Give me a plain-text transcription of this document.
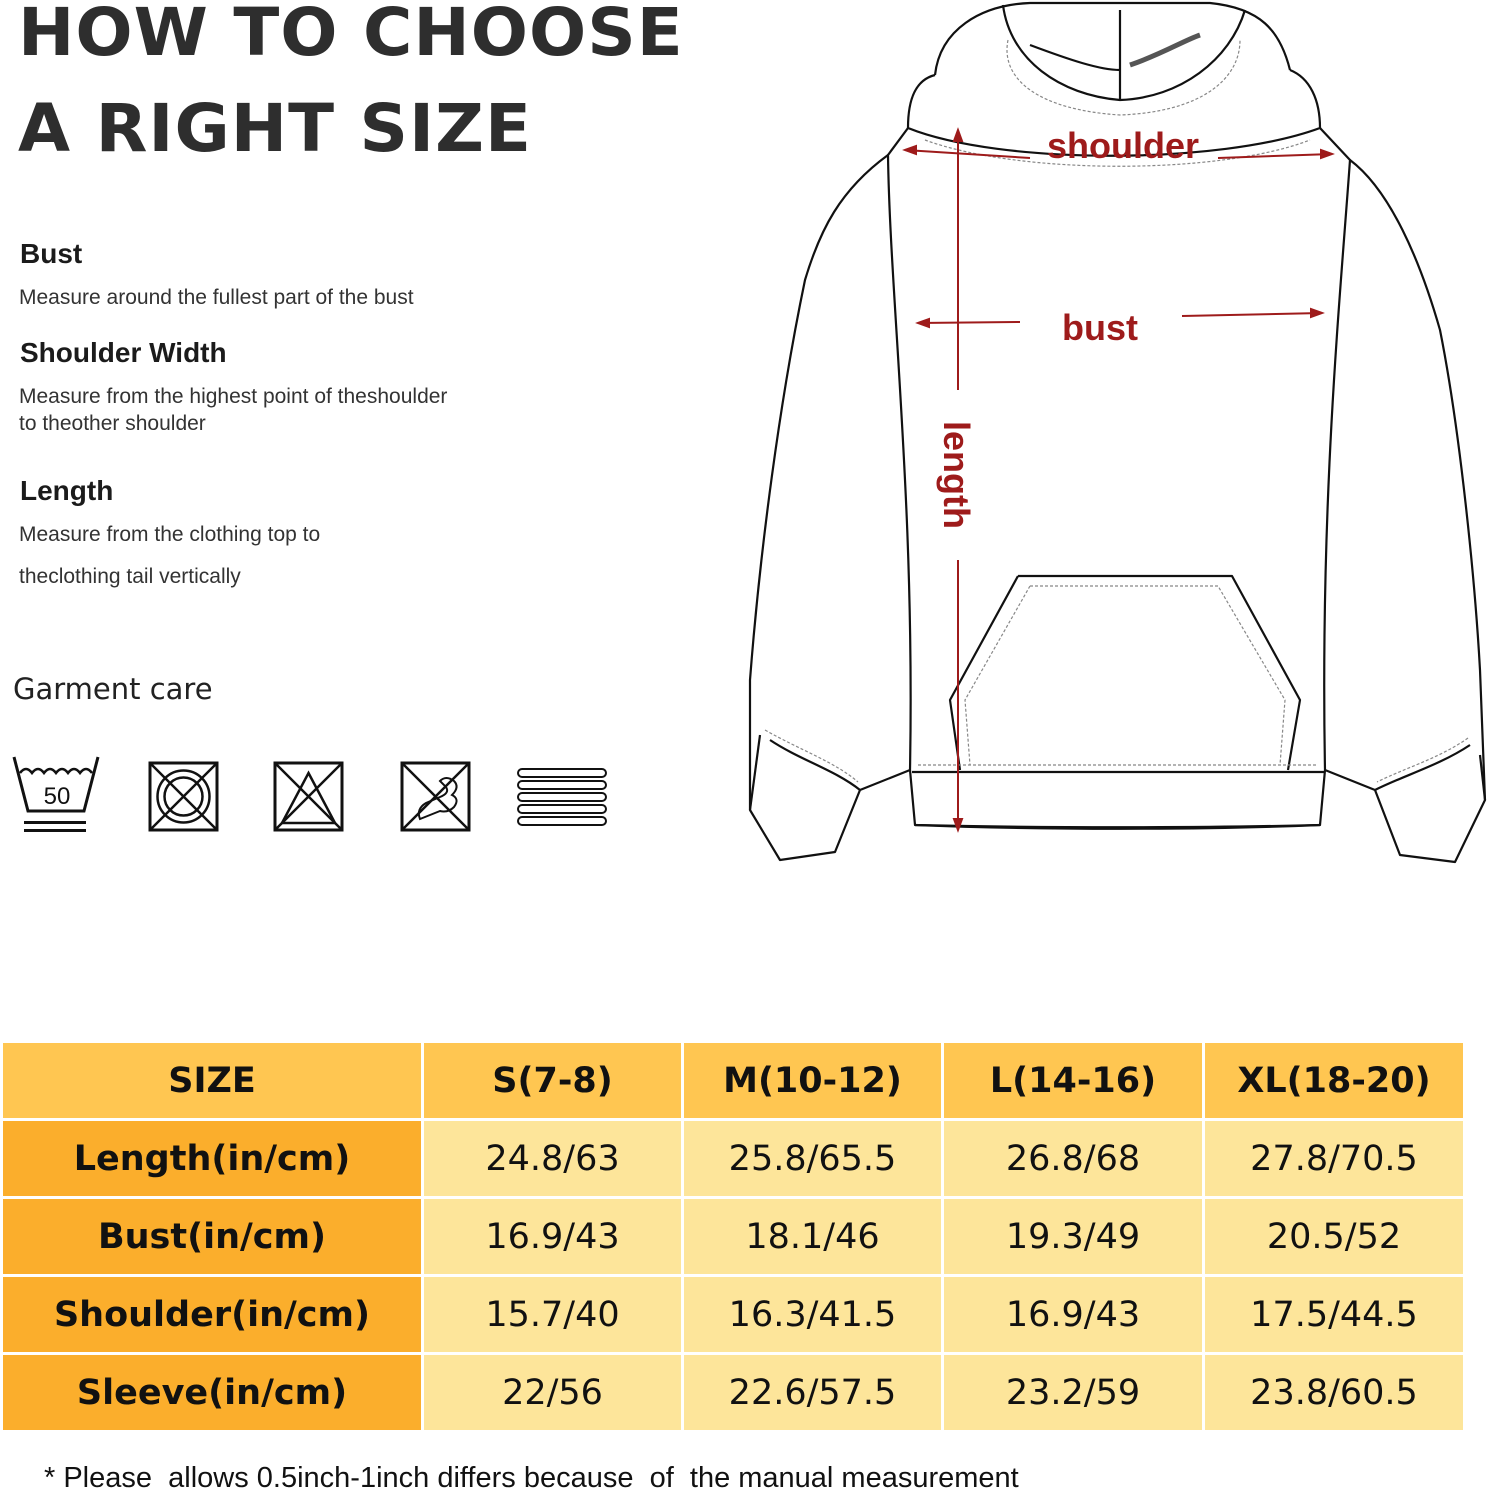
HOW TO CHOOSE
A RIGHT SIZE
Bust
Measure around the fullest part of the bust
Shoulder Width
Measure from the highest point of theshoulder
to theother shoulder
Length
Measure from the clothing top to
theclothing tail vertically
Garment care
50
shoulder
bust
length
SIZE	S(7-8)	M(10-12)	L(14-16)	XL(18-20)
Length(in/cm)	24.8/63	25.8/65.5	26.8/68	27.8/70.5
Bust(in/cm)	16.9/43	18.1/46	19.3/49	20.5/52
Shoulder(in/cm)	15.7/40	16.3/41.5	16.9/43	17.5/44.5
Sleeve(in/cm)	22/56	22.6/57.5	23.2/59	23.8/60.5
* Please  allows 0.5inch-1inch differs because  of  the manual measurement
